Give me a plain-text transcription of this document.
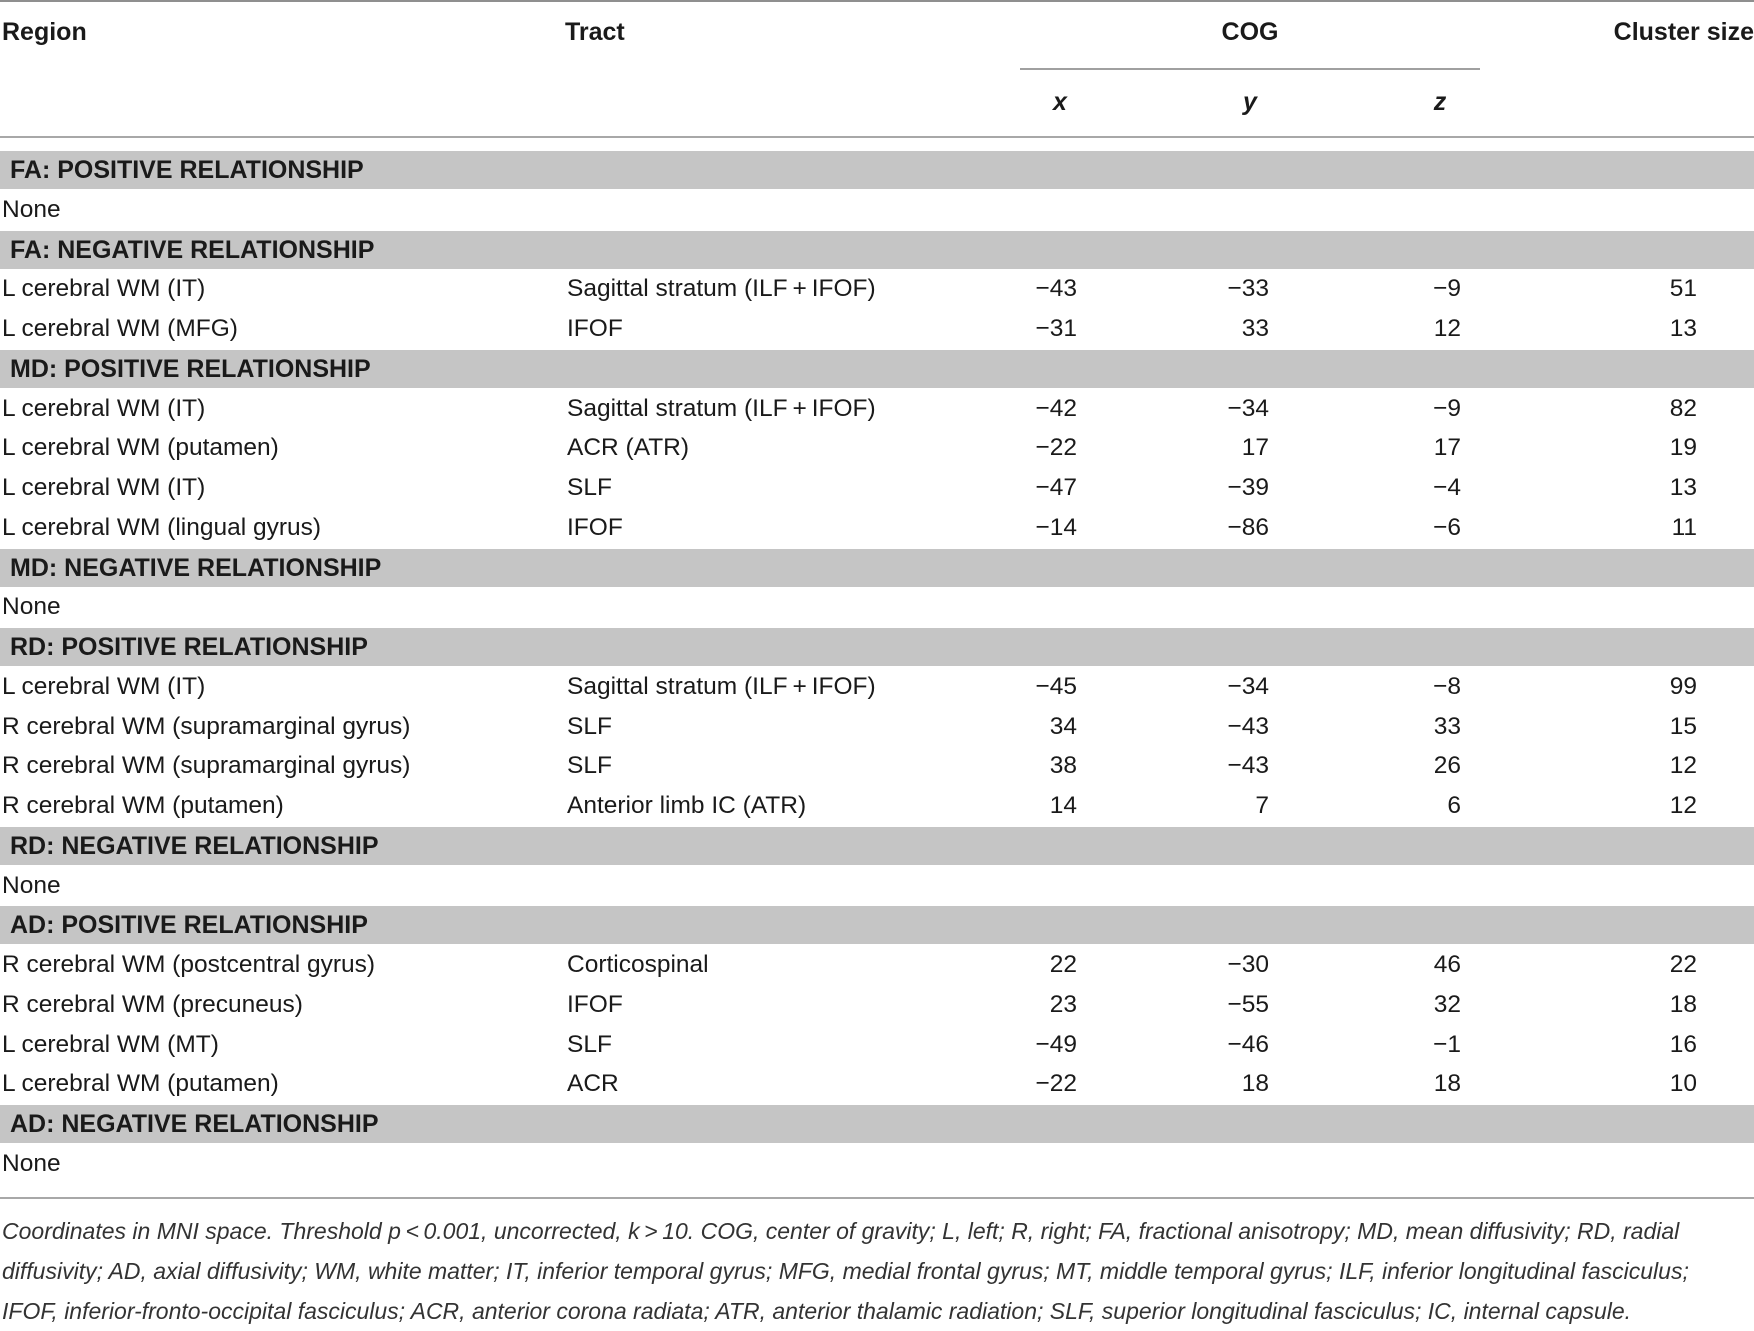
Region	Tract	COG	Cluster size
x	y	z
FA: POSITIVE RELATIONSHIP
None
FA: NEGATIVE RELATIONSHIP
L cerebral WM (IT)	Sagittal stratum (ILF + IFOF)	−43	−33	−9	51
L cerebral WM (MFG)	IFOF	−31	33	12	13
MD: POSITIVE RELATIONSHIP
L cerebral WM (IT)	Sagittal stratum (ILF + IFOF)	−42	−34	−9	82
L cerebral WM (putamen)	ACR (ATR)	−22	17	17	19
L cerebral WM (IT)	SLF	−47	−39	−4	13
L cerebral WM (lingual gyrus)	IFOF	−14	−86	−6	11
MD: NEGATIVE RELATIONSHIP
None
RD: POSITIVE RELATIONSHIP
L cerebral WM (IT)	Sagittal stratum (ILF + IFOF)	−45	−34	−8	99
R cerebral WM (supramarginal gyrus)	SLF	34	−43	33	15
R cerebral WM (supramarginal gyrus)	SLF	38	−43	26	12
R cerebral WM (putamen)	Anterior limb IC (ATR)	14	7	6	12
RD: NEGATIVE RELATIONSHIP
None
AD: POSITIVE RELATIONSHIP
R cerebral WM (postcentral gyrus)	Corticospinal	22	−30	46	22
R cerebral WM (precuneus)	IFOF	23	−55	32	18
L cerebral WM (MT)	SLF	−49	−46	−1	16
L cerebral WM (putamen)	ACR	−22	18	18	10
AD: NEGATIVE RELATIONSHIP
None
Coordinates in MNI space. Threshold p < 0.001, uncorrected, k > 10. COG, center of gravity; L, left; R, right; FA, fractional anisotropy; MD, mean diffusivity; RD, radial diffusivity; AD, axial diffusivity; WM, white matter; IT, inferior temporal gyrus; MFG, medial frontal gyrus; MT, middle temporal gyrus; ILF, inferior longitudinal fasciculus; IFOF, inferior-fronto-occipital fasciculus; ACR, anterior corona radiata; ATR, anterior thalamic radiation; SLF, superior longitudinal fasciculus; IC, internal capsule.
